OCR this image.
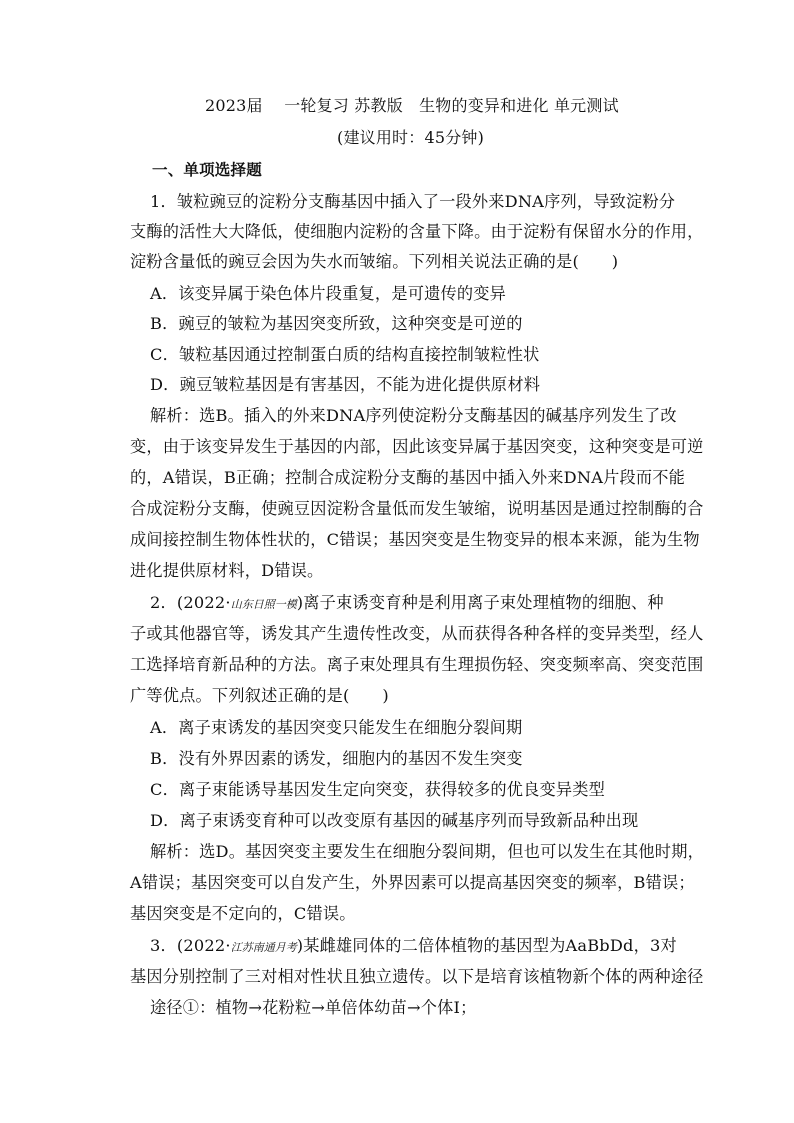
2023届　 一轮复习 苏教版　生物的变异和进化 单元测试
(建议用时：45分钟)
一、单项选择题
1．皱粒豌豆的淀粉分支酶基因中插入了一段外来DNA序列，导致淀粉分
支酶的活性大大降低，使细胞内淀粉的含量下降。由于淀粉有保留水分的作用，
淀粉含量低的豌豆会因为失水而皱缩。下列相关说法正确的是(　　)
A．该变异属于染色体片段重复，是可遗传的变异
B．豌豆的皱粒为基因突变所致，这种突变是可逆的
C．皱粒基因通过控制蛋白质的结构直接控制皱粒性状
D．豌豆皱粒基因是有害基因，不能为进化提供原材料
解析：选B。插入的外来DNA序列使淀粉分支酶基因的碱基序列发生了改
变，由于该变异发生于基因的内部，因此该变异属于基因突变，这种突变是可逆
的，A错误，B正确；控制合成淀粉分支酶的基因中插入外来DNA片段而不能
合成淀粉分支酶，使豌豆因淀粉含量低而发生皱缩，说明基因是通过控制酶的合
成间接控制生物体性状的，C错误；基因突变是生物变异的根本来源，能为生物
进化提供原材料，D错误。
2．(2022·山东日照一模)离子束诱变育种是利用离子束处理植物的细胞、种
子或其他器官等，诱发其产生遗传性改变，从而获得各种各样的变异类型，经人
工选择培育新品种的方法。离子束处理具有生理损伤轻、突变频率高、突变范围
广等优点。下列叙述正确的是(　　)
A．离子束诱发的基因突变只能发生在细胞分裂间期
B．没有外界因素的诱发，细胞内的基因不发生突变
C．离子束能诱导基因发生定向突变，获得较多的优良变异类型
D．离子束诱变育种可以改变原有基因的碱基序列而导致新品种出现
解析：选D。基因突变主要发生在细胞分裂间期，但也可以发生在其他时期，
A错误；基因突变可以自发产生，外界因素可以提高基因突变的频率，B错误；
基因突变是不定向的，C错误。
3．(2022·江苏南通月考)某雌雄同体的二倍体植物的基因型为AaBbDd，3对
基因分别控制了三对相对性状且独立遗传。以下是培育该植物新个体的两种途径
途径①：植物→花粉粒→单倍体幼苗→个体Ⅰ；
